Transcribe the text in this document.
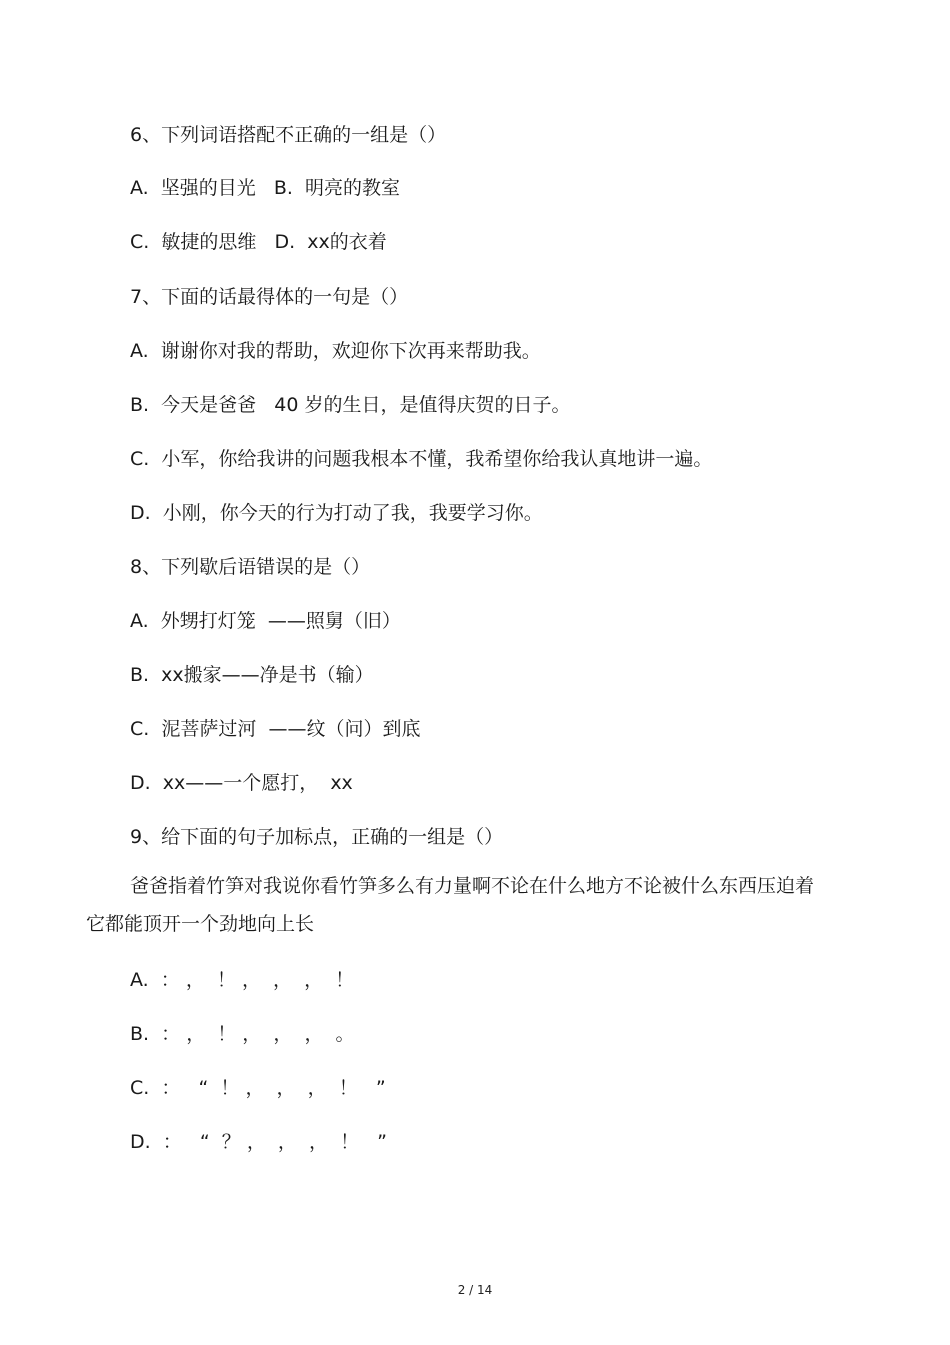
6、下列词语搭配不正确的一组是（）
A.  坚强的目光   B.  明亮的教室
C.  敏捷的思维   D.  xx的衣着
7、下面的话最得体的一句是（）
A.  谢谢你对我的帮助，欢迎你下次再来帮助我。
B.  今天是爸爸   40 岁的生日，是值得庆贺的日子。
C.  小军，你给我讲的问题我根本不懂，我希望你给我认真地讲一遍。
D.  小刚，你今天的行为打动了我，我要学习你。
8、下列歇后语错误的是（）
A.  外甥打灯笼  ——照舅（旧）
B.  xx搬家——净是书（输）
C.  泥菩萨过河  ——纹（问）到底
D.  xx——一个愿打，  xx
9、给下面的句子加标点，正确的一组是（）
爸爸指着竹笋对我说你看竹笋多么有力量啊不论在什么地方不论被什么东西压迫着它都能顶开一个劲地向上长
A.  ： ，  ！ ，  ，  ，  ！
B.  ： ，  ！ ，  ，  ，  。
C.  ：   “  ！ ，  ，  ，  ！   ”
D.  ：   “  ？ ，  ，  ，  ！   ”
2 / 14
